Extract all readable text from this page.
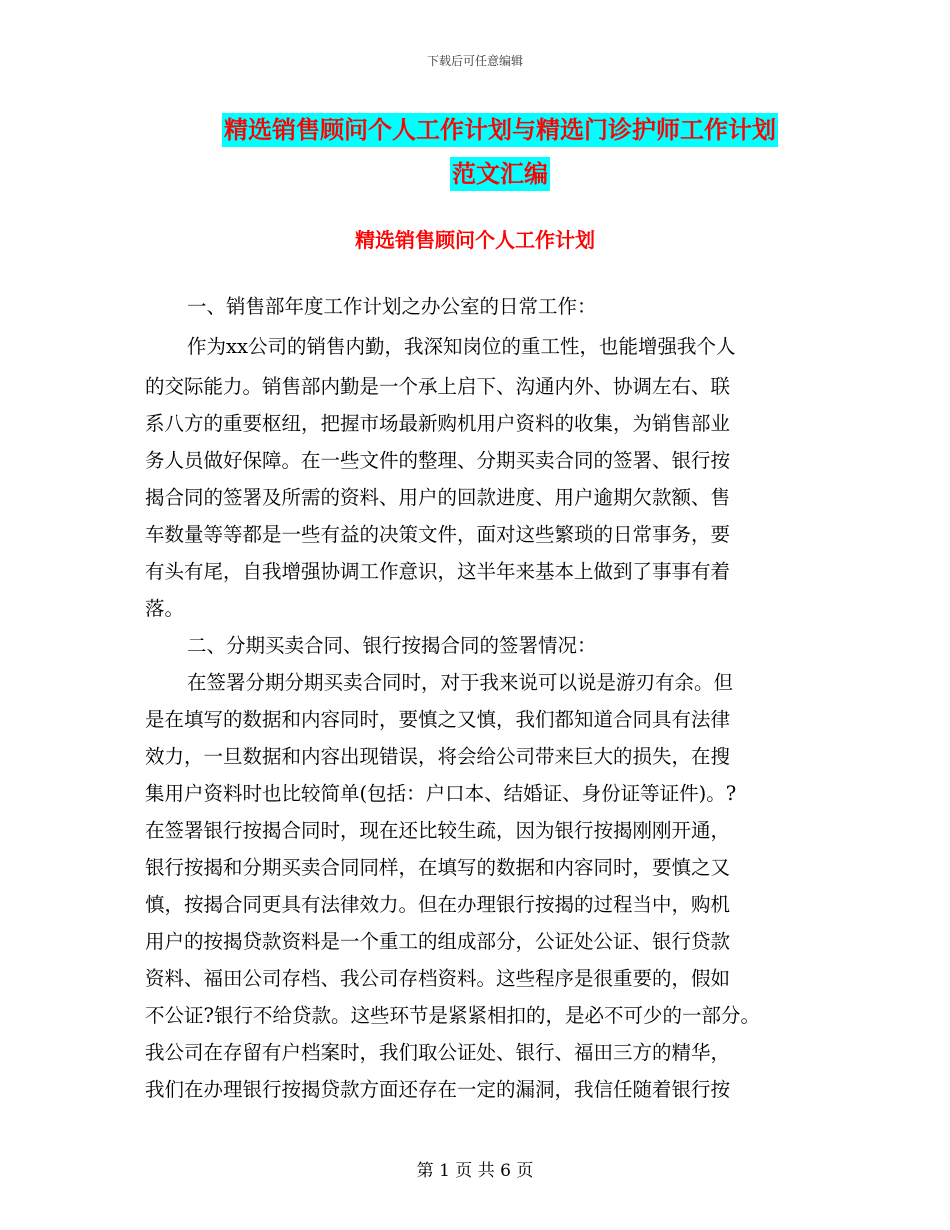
下载后可任意编辑
精选销售顾问个人工作计划与精选门诊护师工作计划
范文汇编
精选销售顾问个人工作计划
一、销售部年度工作计划之办公室的日常工作：
作为xx公司的销售内勤，我深知岗位的重工性，也能增强我个人
的交际能力。销售部内勤是一个承上启下、沟通内外、协调左右、联
系八方的重要枢纽，把握市场最新购机用户资料的收集，为销售部业
务人员做好保障。在一些文件的整理、分期买卖合同的签署、银行按
揭合同的签署及所需的资料、用户的回款进度、用户逾期欠款额、售
车数量等等都是一些有益的决策文件，面对这些繁琐的日常事务，要
有头有尾，自我增强协调工作意识，这半年来基本上做到了事事有着
落。
二、分期买卖合同、银行按揭合同的签署情况：
在签署分期分期买卖合同时，对于我来说可以说是游刃有余。但
是在填写的数据和内容同时，要慎之又慎，我们都知道合同具有法律
效力，一旦数据和内容出现错误，将会给公司带来巨大的损失，在搜
集用户资料时也比较简单(包括：户口本、结婚证、身份证等证件)。?
在签署银行按揭合同时，现在还比较生疏，因为银行按揭刚刚开通，
银行按揭和分期买卖合同同样，在填写的数据和内容同时，要慎之又
慎，按揭合同更具有法律效力。但在办理银行按揭的过程当中，购机
用户的按揭贷款资料是一个重工的组成部分，公证处公证、银行贷款
资料、福田公司存档、我公司存档资料。这些程序是很重要的，假如
不公证?银行不给贷款。这些环节是紧紧相扣的，是必不可少的一部分。
我公司在存留有户档案时，我们取公证处、银行、福田三方的精华，
我们在办理银行按揭贷款方面还存在一定的漏洞，我信任随着银行按
第 1 页 共 6 页
